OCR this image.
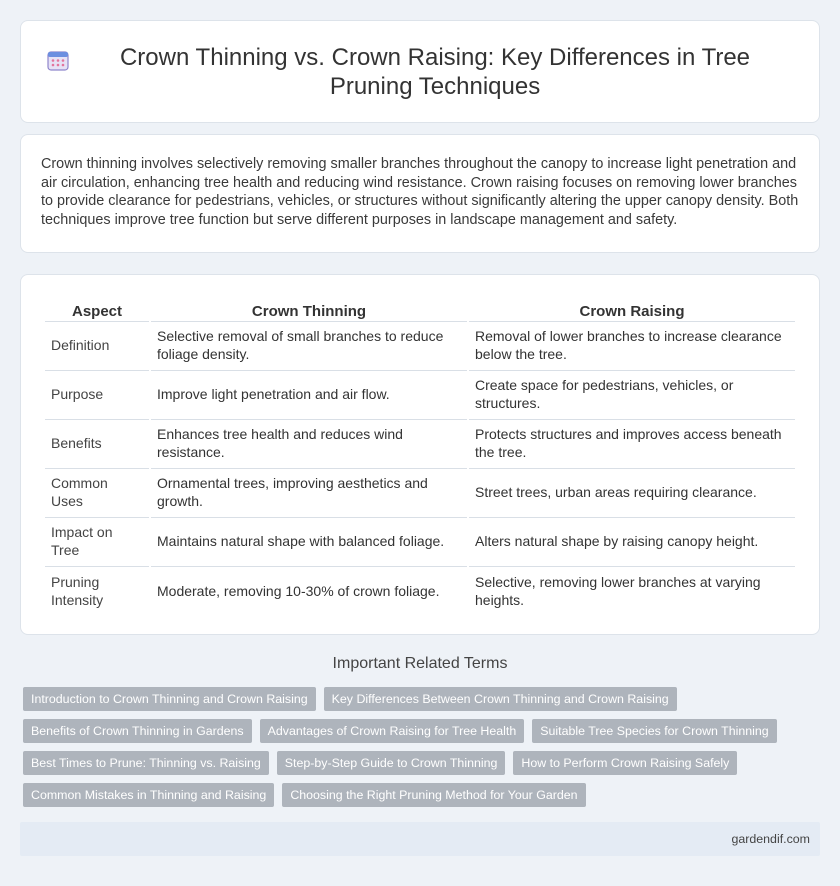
Crown Thinning vs. Crown Raising: Key Differences in Tree Pruning Techniques

Crown thinning involves selectively removing smaller branches throughout the canopy to increase light penetration and air circulation, enhancing tree health and reducing wind resistance. Crown raising focuses on removing lower branches to provide clearance for pedestrians, vehicles, or structures without significantly altering the upper canopy density. Both techniques improve tree function but serve different purposes in landscape management and safety.

Aspect	Crown Thinning	Crown Raising
Definition	Selective removal of small branches to reduce foliage density.	Removal of lower branches to increase clearance below the tree.
Purpose	Improve light penetration and air flow.	Create space for pedestrians, vehicles, or structures.
Benefits	Enhances tree health and reduces wind resistance.	Protects structures and improves access beneath the tree.
Common Uses	Ornamental trees, improving aesthetics and growth.	Street trees, urban areas requiring clearance.
Impact on Tree	Maintains natural shape with balanced foliage.	Alters natural shape by raising canopy height.
Pruning Intensity	Moderate, removing 10-30% of crown foliage.	Selective, removing lower branches at varying heights.
Important Related Terms
Introduction to Crown Thinning and Crown Raising	Key Differences Between Crown Thinning and Crown Raising
Benefits of Crown Thinning in Gardens	Advantages of Crown Raising for Tree Health	Suitable Tree Species for Crown Thinning
Best Times to Prune: Thinning vs. Raising	Step-by-Step Guide to Crown Thinning	How to Perform Crown Raising Safely
Common Mistakes in Thinning and Raising	Choosing the Right Pruning Method for Your Garden
gardendif.com
